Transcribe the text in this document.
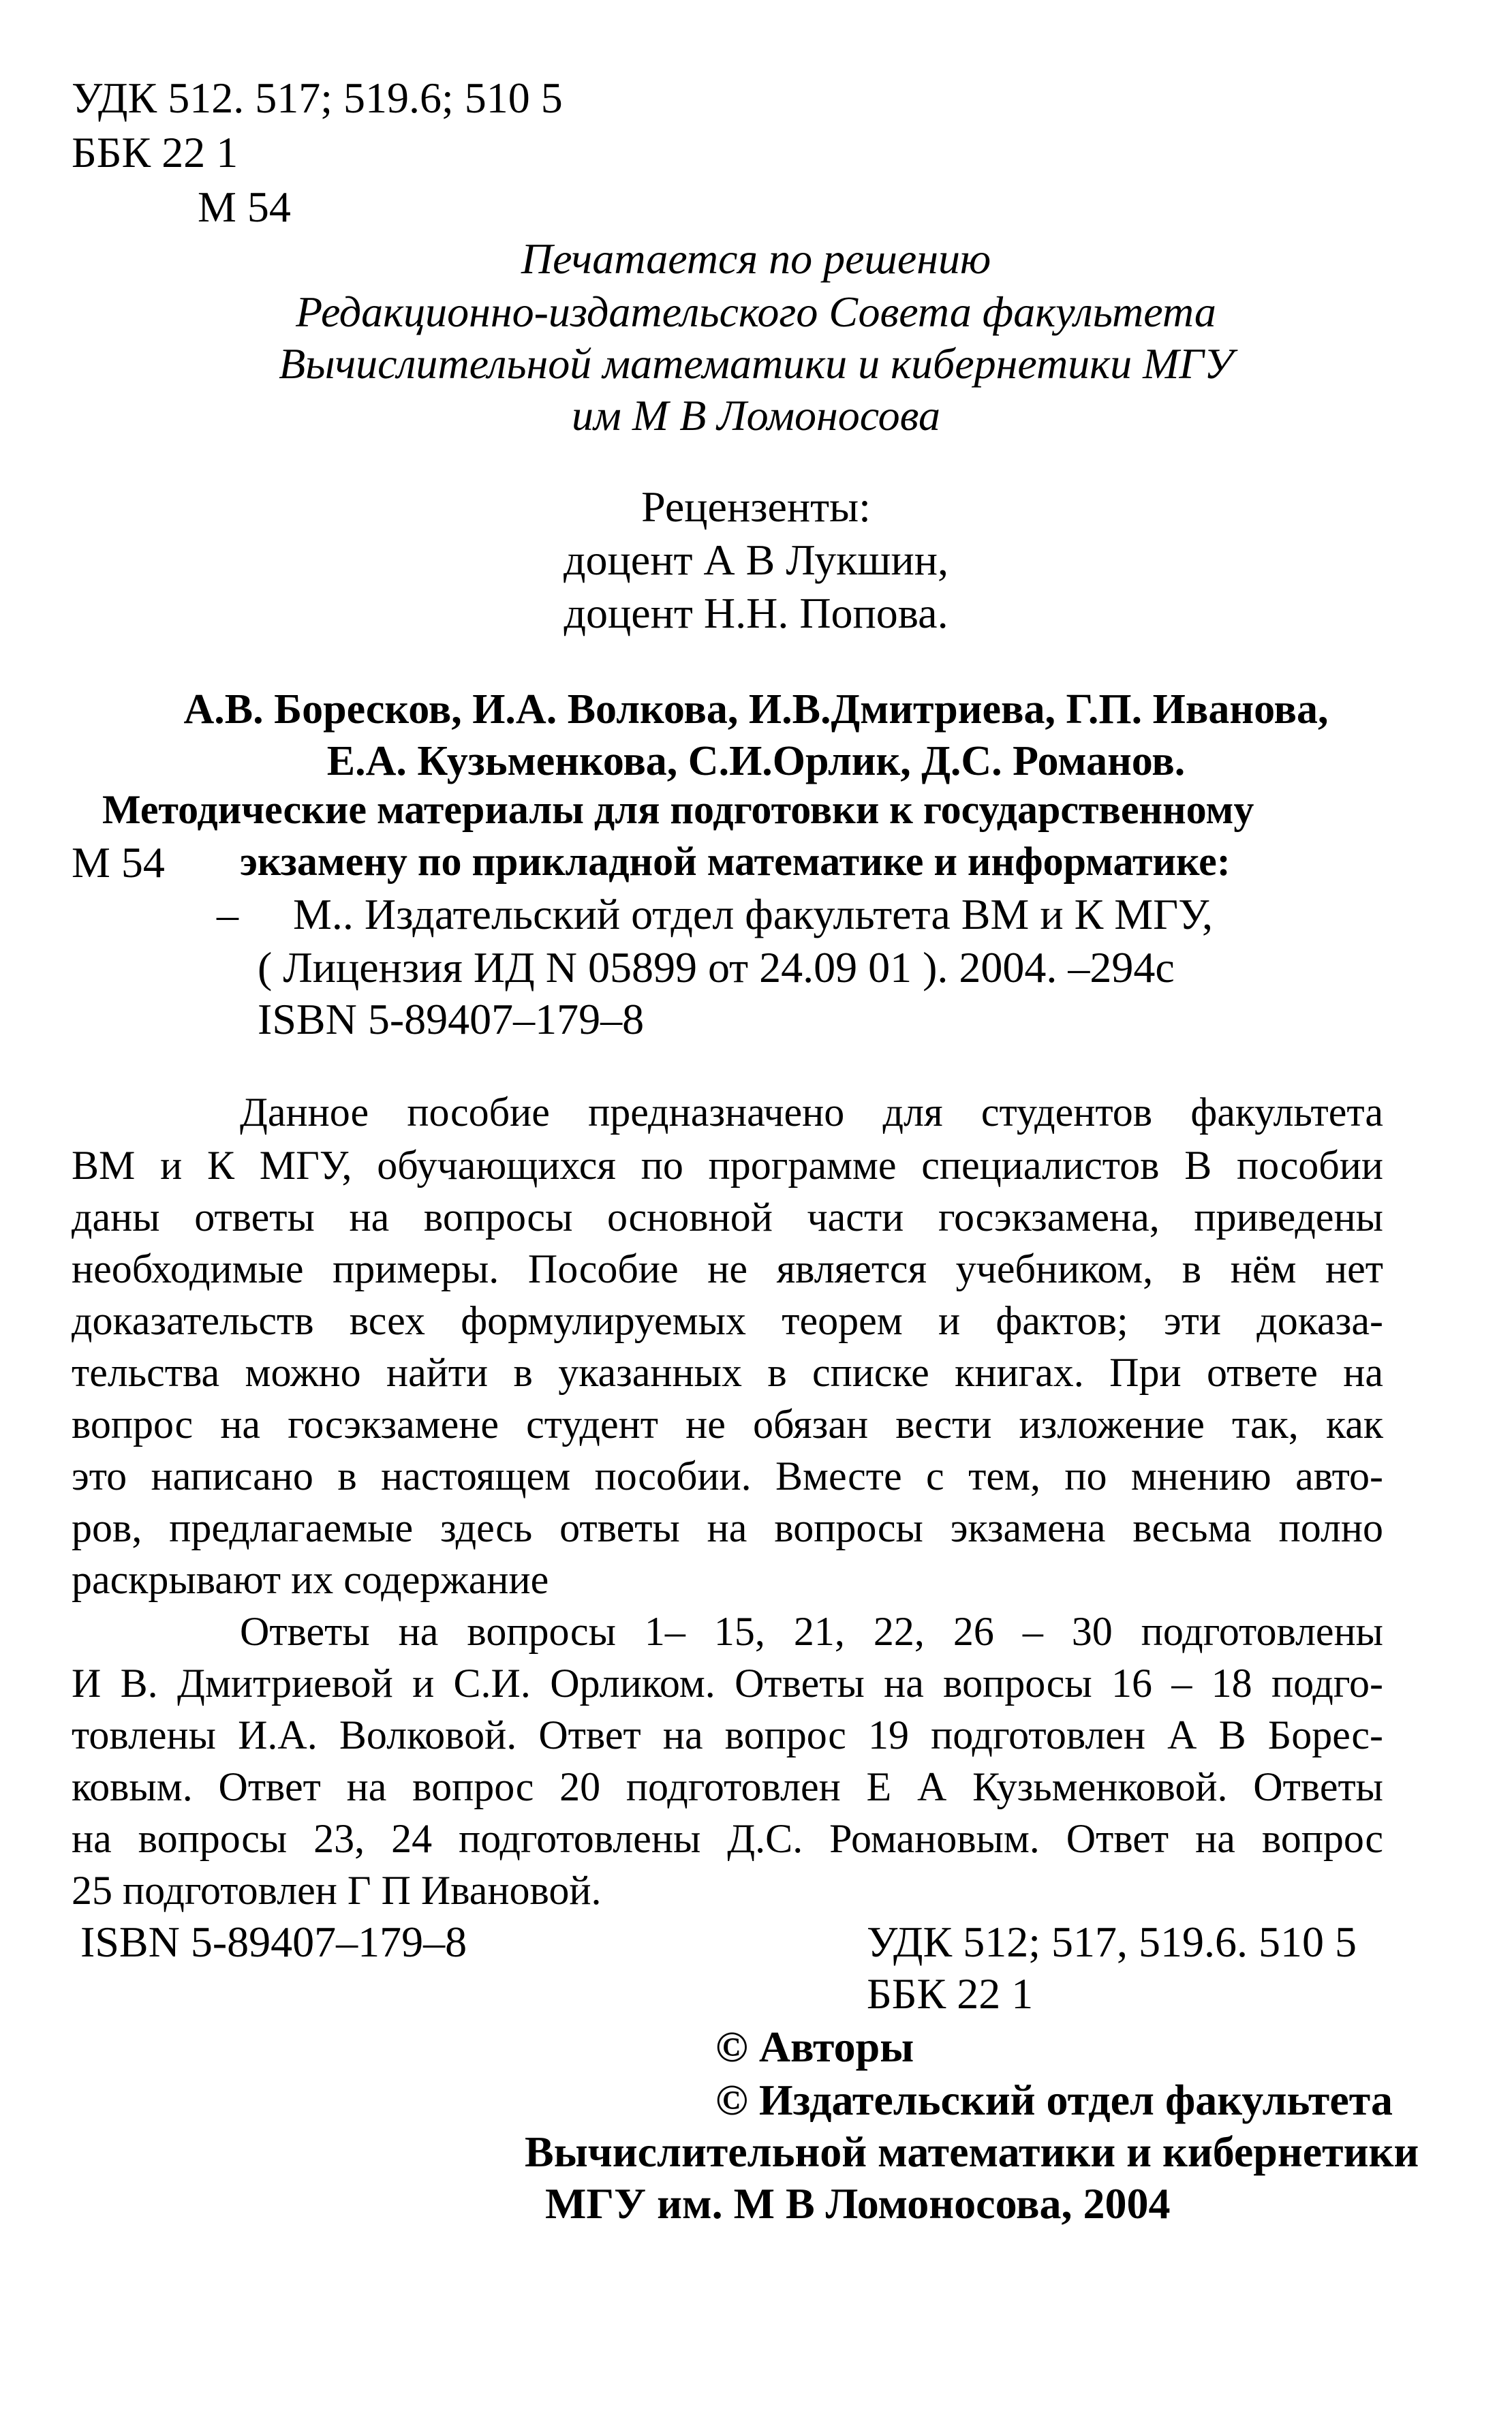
УДК 512. 517; 519.6; 510 5
ББК 22 1
М 54
Печатается по решению
Редакционно-издательского Совета факультета
Вычислительной математики и кибернетики МГУ
им М В Ломоносова
Рецензенты:
доцент А В Лукшин,
доцент Н.Н. Попова.
А.В. Боресков, И.А. Волкова, И.В.Дмитриева, Г.П. Иванова,
Е.А. Кузьменкова, С.И.Орлик, Д.С. Романов.
Методические материалы для подготовки к государственному
М 54 экзамену по прикладной математике и информатике:
– М.. Издательский отдел факультета ВМ и К МГУ,
( Лицензия ИД N 05899 от 24.09 01 ). 2004. –294с
ISBN 5-89407–179–8
Данное пособие предназначено для студентов факультета
ВМ и К МГУ, обучающихся по программе специалистов В пособии
даны ответы на вопросы основной части госэкзамена, приведены
необходимые примеры. Пособие не является учебником, в нём нет
доказательств всех формулируемых теорем и фактов; эти доказа-
тельства можно найти в указанных в списке книгах. При ответе на
вопрос на госэкзамене студент не обязан вести изложение так, как
это написано в настоящем пособии. Вместе с тем, по мнению авто-
ров, предлагаемые здесь ответы на вопросы экзамена весьма полно
раскрывают их содержание
Ответы на вопросы 1– 15, 21, 22, 26 – 30 подготовлены
И В. Дмитриевой и С.И. Орликом. Ответы на вопросы 16 – 18 подго-
товлены И.А. Волковой. Ответ на вопрос 19 подготовлен А В Борес-
ковым. Ответ на вопрос 20 подготовлен Е А Кузьменковой. Ответы
на вопросы 23, 24 подготовлены Д.С. Романовым. Ответ на вопрос
25 подготовлен Г П Ивановой.
ISBN 5-89407–179–8	УДК 512; 517, 519.6. 510 5
ББК 22 1
© Авторы
© Издательский отдел факультета
Вычислительной математики и кибернетики
МГУ им. М В Ломоносова, 2004
